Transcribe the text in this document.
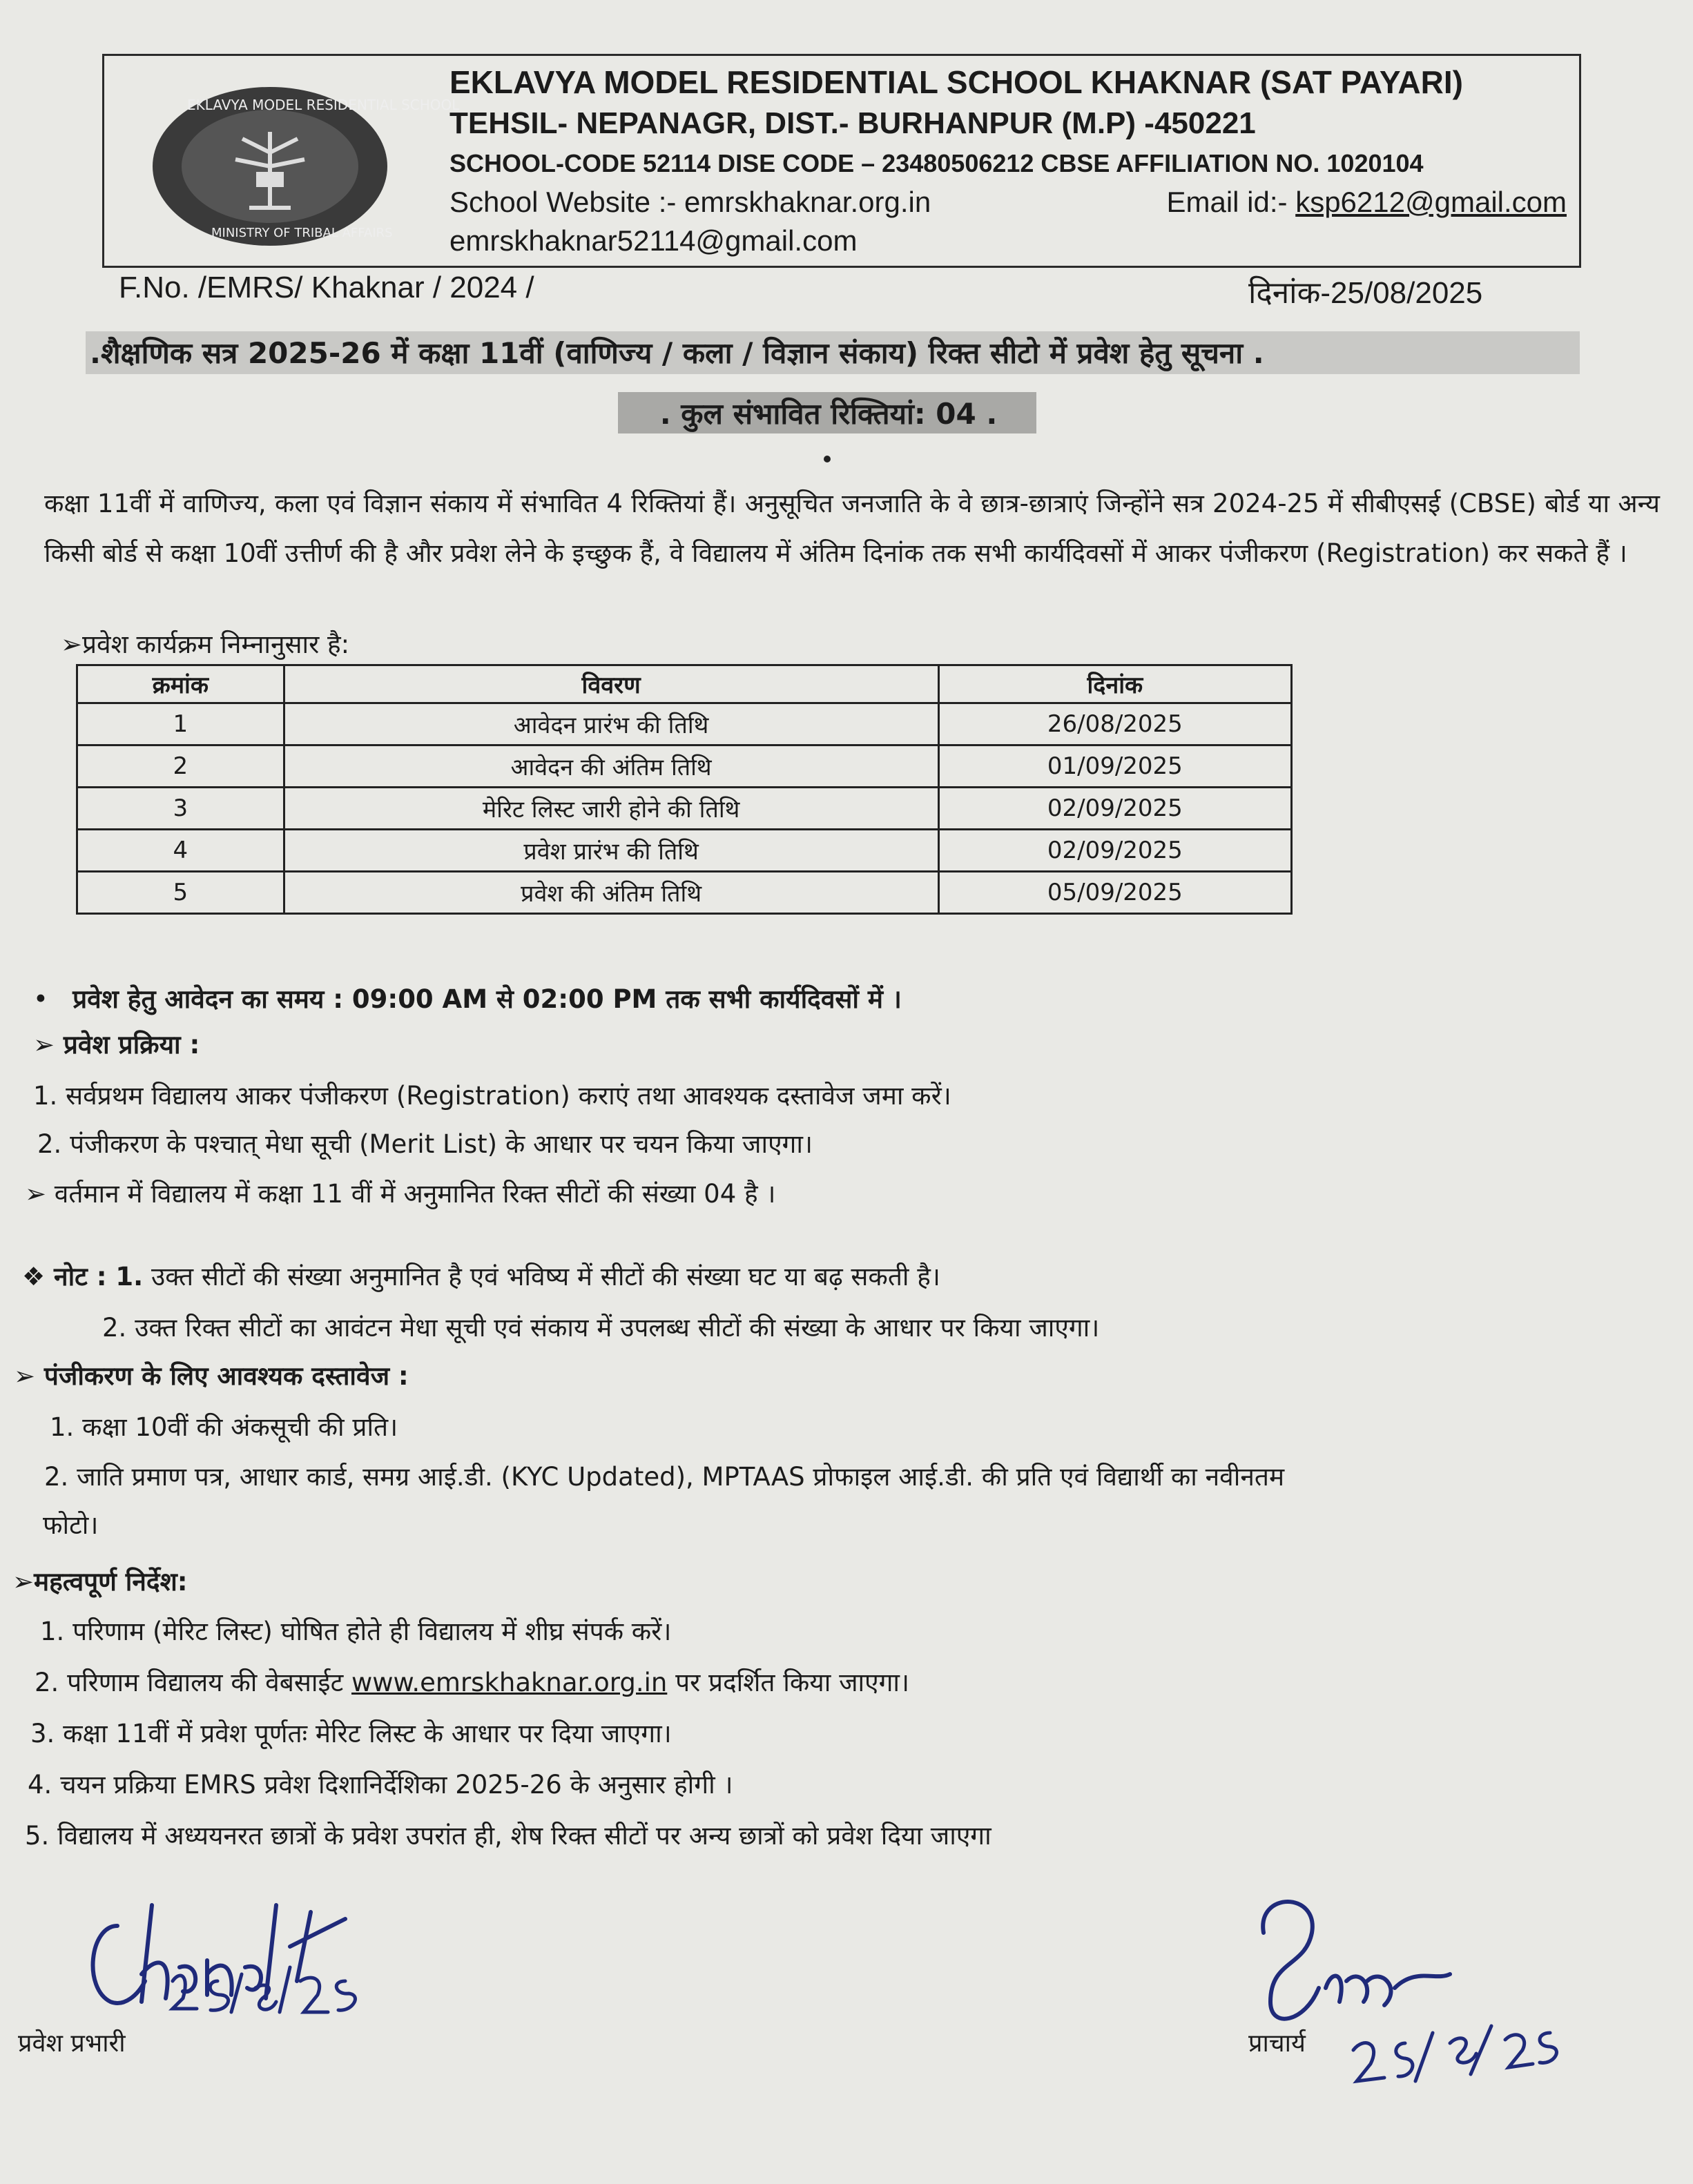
EKLAVYA MODEL RESIDENTIAL SCHOOL
MINISTRY OF TRIBAL AFFAIRS
EKLAVYA MODEL RESIDENTIAL SCHOOL KHAKNAR (SAT PAYARI)
TEHSIL- NEPANAGR, DIST.- BURHANPUR (M.P) -450221
SCHOOL-CODE 52114 DISE CODE – 23480506212 CBSE AFFILIATION NO. 1020104
School Website :- emrskhaknar.org.in	Email id:- ksp6212@gmail.com
emrskhaknar52114@gmail.com
F.No. /EMRS/ Khaknar / 2024 /	दिनांक-25/08/2025
.शैक्षणिक सत्र 2025-26 में कक्षा 11वीं (वाणिज्य / कला / विज्ञान संकाय) रिक्त सीटो में प्रवेश हेतु सूचना .
. कुल संभावित रिक्तियां: 04 .
कक्षा 11वीं में वाणिज्य, कला एवं विज्ञान संकाय में संभावित 4 रिक्तियां हैं। अनुसूचित जनजाति के वे छात्र-छात्राएं जिन्होंने सत्र 2024-25 में सीबीएसई (CBSE) बोर्ड या अन्य किसी बोर्ड से कक्षा 10वीं उत्तीर्ण की है और प्रवेश लेने के इच्छुक हैं, वे विद्यालय में अंतिम दिनांक तक सभी कार्यदिवसों में आकर पंजीकरण (Registration) कर सकते हैं ।
➢प्रवेश कार्यक्रम निम्नानुसार है:
क्रमांक	विवरण	दिनांक
1	आवेदन प्रारंभ की तिथि	26/08/2025
2	आवेदन की अंतिम तिथि	01/09/2025
3	मेरिट लिस्ट जारी होने की तिथि	02/09/2025
4	प्रवेश प्रारंभ की तिथि	02/09/2025
5	प्रवेश की अंतिम तिथि	05/09/2025
• प्रवेश हेतु आवेदन का समय : 09:00 AM से 02:00 PM तक सभी कार्यदिवसों में ।
➢ प्रवेश प्रक्रिया :
1. सर्वप्रथम विद्यालय आकर पंजीकरण (Registration) कराएं तथा आवश्यक दस्तावेज जमा करें।
2. पंजीकरण के पश्चात् मेधा सूची (Merit List) के आधार पर चयन किया जाएगा।
➢ वर्तमान में विद्यालय में कक्षा 11 वीं में अनुमानित रिक्त सीटों की संख्या 04 है ।
❖ नोट : 1. उक्त सीटों की संख्या अनुमानित है एवं भविष्य में सीटों की संख्या घट या बढ़ सकती है।
2. उक्त रिक्त सीटों का आवंटन मेधा सूची एवं संकाय में उपलब्ध सीटों की संख्या के आधार पर किया जाएगा।
➢ पंजीकरण के लिए आवश्यक दस्तावेज :
1. कक्षा 10वीं की अंकसूची की प्रति।
2. जाति प्रमाण पत्र, आधार कार्ड, समग्र आई.डी. (KYC Updated), MPTAAS प्रोफाइल आई.डी. की प्रति एवं विद्यार्थी का नवीनतम
फोटो।
➢महत्वपूर्ण निर्देश:
1. परिणाम (मेरिट लिस्ट) घोषित होते ही विद्यालय में शीघ्र संपर्क करें।
2. परिणाम विद्यालय की वेबसाईट www.emrskhaknar.org.in पर प्रदर्शित किया जाएगा।
3. कक्षा 11वीं में प्रवेश पूर्णतः मेरिट लिस्ट के आधार पर दिया जाएगा।
4. चयन प्रक्रिया EMRS प्रवेश दिशानिर्देशिका 2025-26 के अनुसार होगी ।
5. विद्यालय में अध्ययनरत छात्रों के प्रवेश उपरांत ही, शेष रिक्त सीटों पर अन्य छात्रों को प्रवेश दिया जाएगा
प्रवेश प्रभारी	प्राचार्य
